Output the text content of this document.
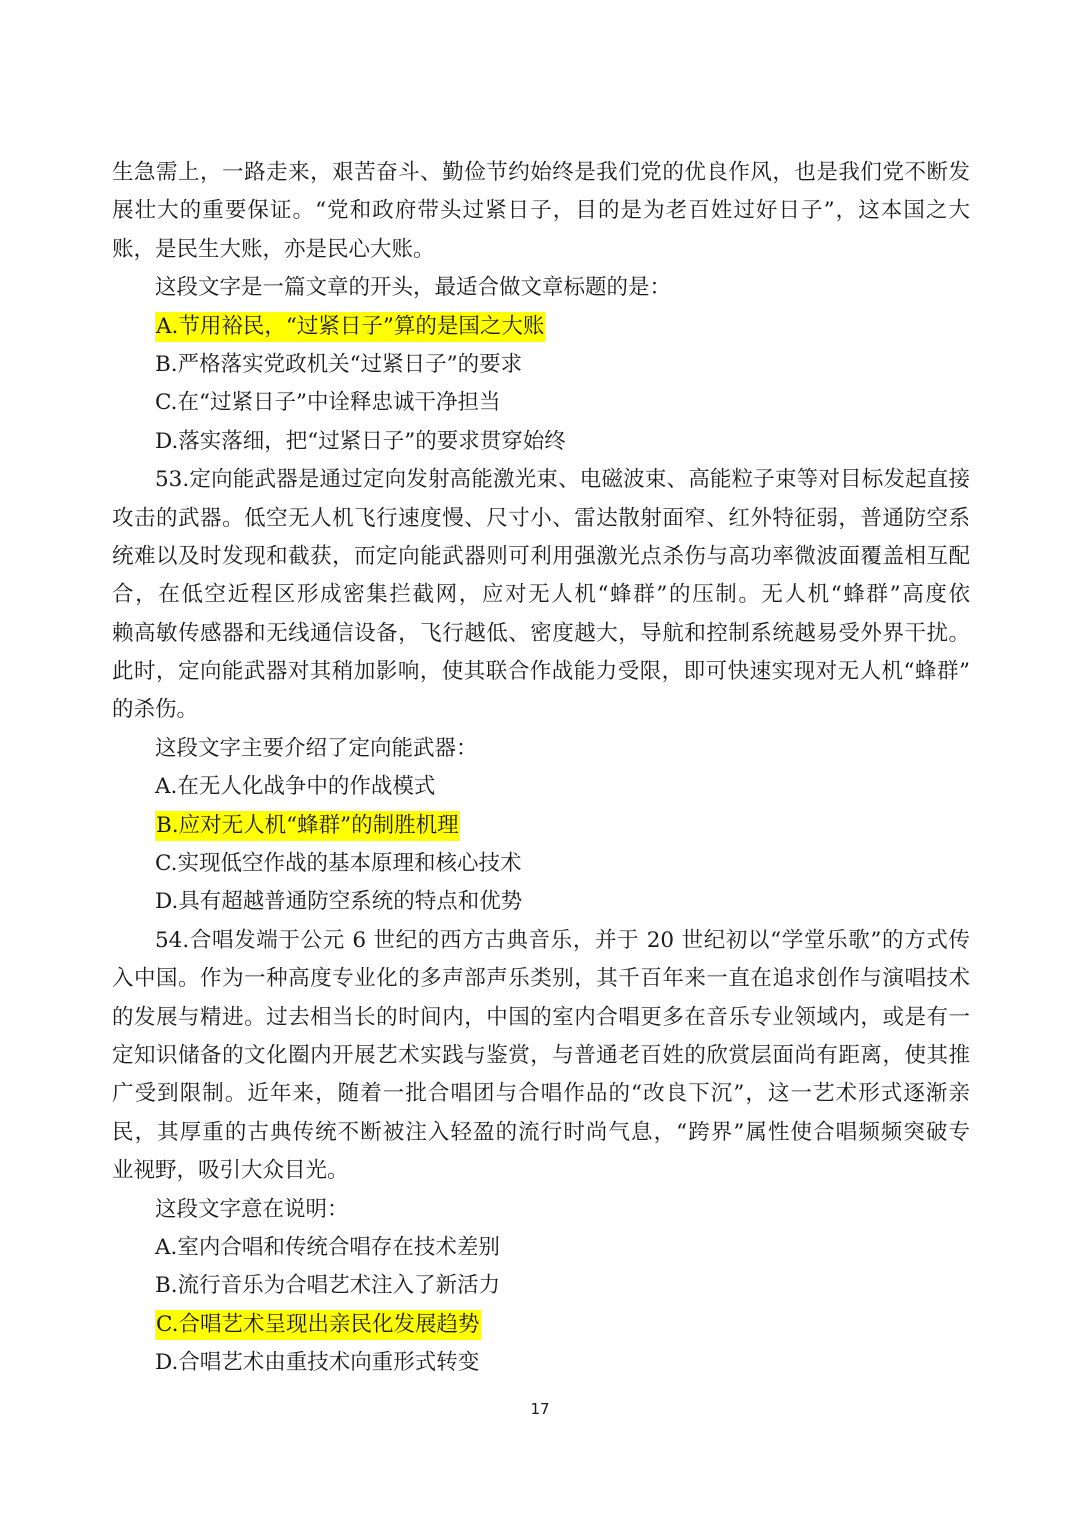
生急需上，一路走来，艰苦奋斗、勤俭节约始终是我们党的优良作风，也是我们党不断发
展壮大的重要保证。“党和政府带头过紧日子，目的是为老百姓过好日子”，这本国之大
账，是民生大账，亦是民心大账。
这段文字是一篇文章的开头，最适合做文章标题的是：
A.节用裕民，“过紧日子”算的是国之大账
B.严格落实党政机关“过紧日子”的要求
C.在“过紧日子”中诠释忠诚干净担当
D.落实落细，把“过紧日子”的要求贯穿始终
53.定向能武器是通过定向发射高能激光束、电磁波束、高能粒子束等对目标发起直接
攻击的武器。低空无人机飞行速度慢、尺寸小、雷达散射面窄、红外特征弱，普通防空系
统难以及时发现和截获，而定向能武器则可利用强激光点杀伤与高功率微波面覆盖相互配
合，在低空近程区形成密集拦截网，应对无人机“蜂群”的压制。无人机“蜂群”高度依
赖高敏传感器和无线通信设备，飞行越低、密度越大，导航和控制系统越易受外界干扰。
此时，定向能武器对其稍加影响，使其联合作战能力受限，即可快速实现对无人机“蜂群”
的杀伤。
这段文字主要介绍了定向能武器：
A.在无人化战争中的作战模式
B.应对无人机“蜂群”的制胜机理
C.实现低空作战的基本原理和核心技术
D.具有超越普通防空系统的特点和优势
54.合唱发端于公元 6 世纪的西方古典音乐，并于 20 世纪初以“学堂乐歌”的方式传
入中国。作为一种高度专业化的多声部声乐类别，其千百年来一直在追求创作与演唱技术
的发展与精进。过去相当长的时间内，中国的室内合唱更多在音乐专业领域内，或是有一
定知识储备的文化圈内开展艺术实践与鉴赏，与普通老百姓的欣赏层面尚有距离，使其推
广受到限制。近年来，随着一批合唱团与合唱作品的“改良下沉”，这一艺术形式逐渐亲
民，其厚重的古典传统不断被注入轻盈的流行时尚气息，“跨界”属性使合唱频频突破专
业视野，吸引大众目光。
这段文字意在说明：
A.室内合唱和传统合唱存在技术差别
B.流行音乐为合唱艺术注入了新活力
C.合唱艺术呈现出亲民化发展趋势
D.合唱艺术由重技术向重形式转变
17
